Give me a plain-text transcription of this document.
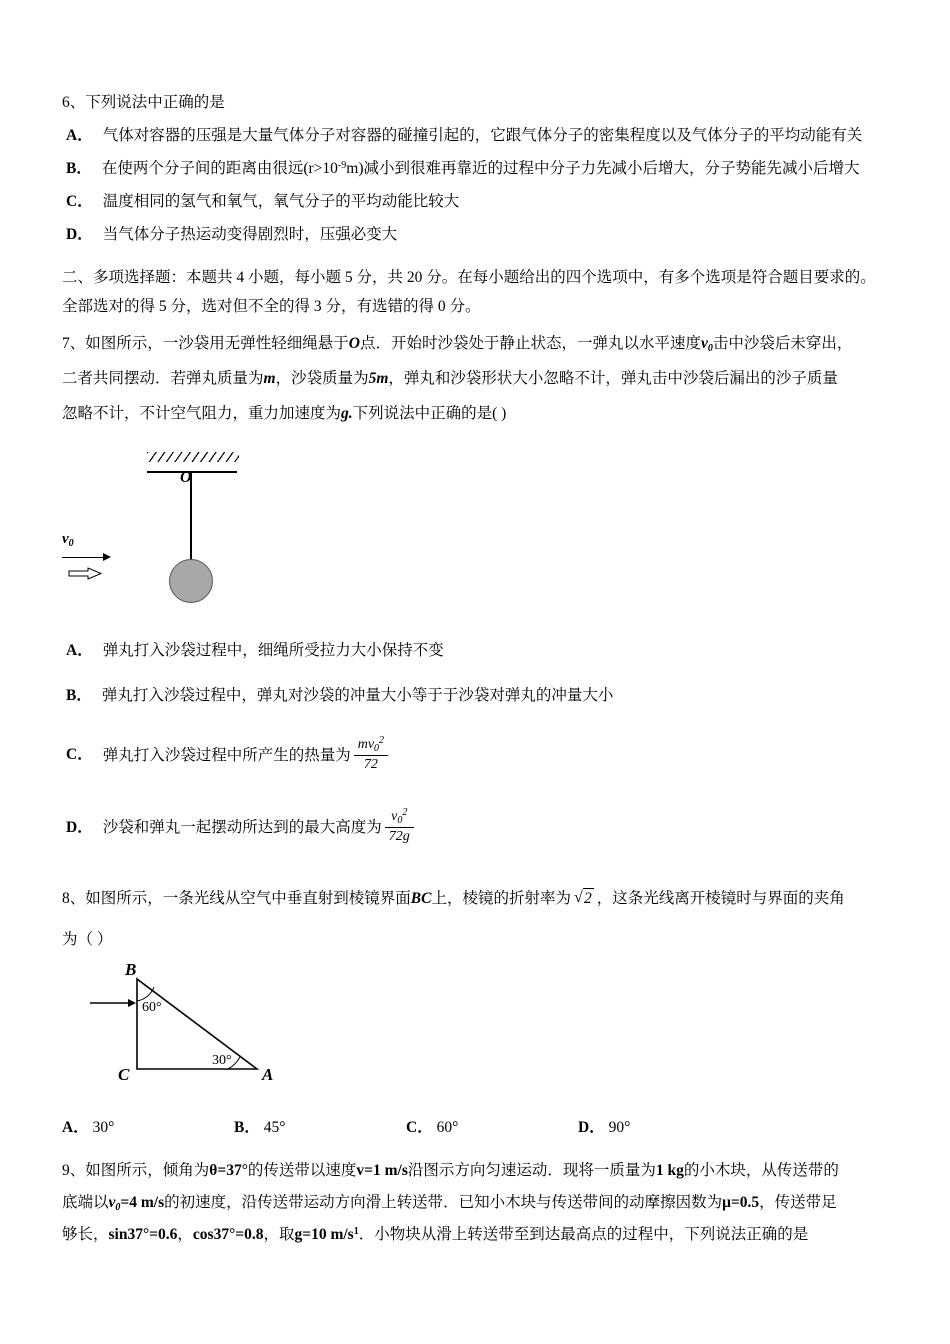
6、下列说法中正确的是

A． 气体对容器的压强是大量气体分子对容器的碰撞引起的，它跟气体分子的密集程度以及气体分子的平均动能有关

B． 在使两个分子间的距离由很远$(r>10^{-9}m)$减小到很难再靠近的过程中分子力先减小后增大，分子势能先减小后增大

C． 温度相同的氢气和氧气，氧气分子的平均动能比较大

D． 当气体分子热运动变得剧烈时，压强必变大

二、多项选择题：本题共 4 小题，每小题 5 分，共 20 分。在每小题给出的四个选项中，有多个选项是符合题目要求的。

全部选对的得 5 分，选对但不全的得 3 分，有选错的得 0 分。

7、如图所示，一沙袋用无弹性轻细绳悬于O点．开始时沙袋处于静止状态，一弹丸以水平速度$v_0$击中沙袋后未穿出，

二者共同摆动．若弹丸质量为m，沙袋质量为5m，弹丸和沙袋形状大小忽略不计，弹丸击中沙袋后漏出的沙子质量

忽略不计，不计空气阻力，重力加速度为g.下列说法中正确的是( )

O
$v_0$

A． 弹丸打入沙袋过程中，细绳所受拉力大小保持不变

B． 弹丸打入沙袋过程中，弹丸对沙袋的冲量大小等于于沙袋对弹丸的冲量大小

C． 弹丸打入沙袋过程中所产生的热量为 $\frac{mv_0^2}{72}$

D． 沙袋和弹丸一起摆动所达到的最大高度为 $\frac{v_0^2}{72g}$

8、如图所示，一条光线从空气中垂直射到棱镜界面BC上，棱镜的折射率为 √ 2 ，这条光线离开棱镜时与界面的夹角

为（ ）

B
C	A
60°
30°
A． 30°	B． 45°	C． 60°	D． 90°

9、如图所示，倾角为θ=37°的传送带以速度v=1 m/s沿图示方向匀速运动．现将一质量为1 kg的小木块，从传送带的

底端以$v_0=4$ m/s的初速度，沿传送带运动方向滑上转送带．已知小木块与传送带间的动摩擦因数为μ=0.5，传送带足

够长，sin37°=0.6，cos37°=0.8，取g=10 $m/s^1$．小物块从滑上转送带至到达最高点的过程中，下列说法正确的是
